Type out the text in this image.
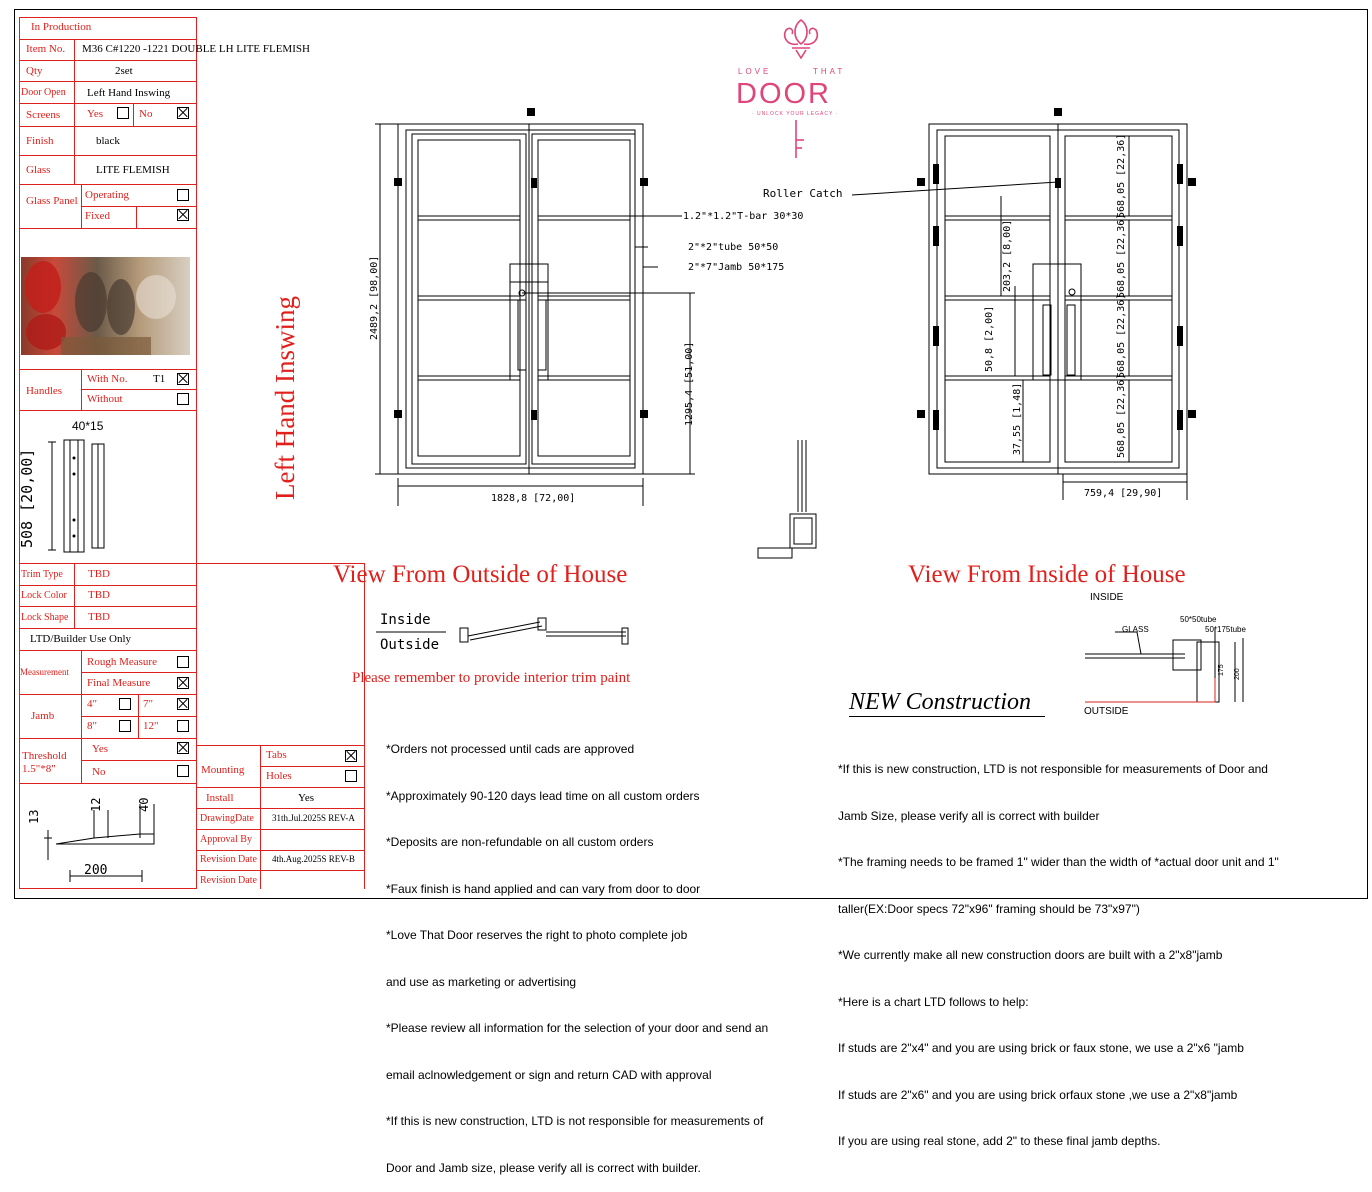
In Production
Item No. M36 C#1220 -1221 DOUBLE LH LITE FLEMISH
Qty	2set
Door Open Left Hand Inswing
Screens Yes	No
Finish	black
Glass	LITE FLEMISH
Glass Panel Operating
Fixed
Handles
With No. T1
Without
40*15
508 [20,00]
Trim Type TBD
Lock Color TBD
Lock Shape TBD
LTD/Builder Use Only
Measurement
Rough Measure
Final Measure
Jamb
4"	7"
8"	12"
Threshold 1.5"*8"
Yes
No
13
12	40
200
Mounting
Tabs
Holes
Install	Yes
DrawingDate 31th.Jul.2025S REV-A
Approval By
Revision Date 4th.Aug.2025S REV-B
Revision Date
LOVE	THAT
DOOR
· UNLOCK YOUR LEGACY ·
Left Hand Inswing	2489,2 [98,00]
1828,8 [72,00]
1295,4 [51,00]
1.2"*1.2"T-bar 30*30
2"*2"tube 50*50
2"*7"Jamb 50*175
Roller Catch	568,05 [22,36]
568,05 [22,36]
568,05 [22,36]
568,05 [22,36]
203,2 [8,00]
50,8 [2,00]
37,55 [1,48]
759,4 [29,90]
View From Outside of House	View From Inside of House
Inside
Outside
Please remember to provide interior trim paint
INSIDE
GLASS
50*50tube
50*175tube
175 200
OUTSIDE
NEW Construction

*Orders not processed until cads are approved

*Approximately 90-120 days lead time on all custom orders

*Deposits are non-refundable on all custom orders

*Faux finish is hand applied and can vary from door to door

*Love That Door reserves the right to photo complete job

and use as marketing or advertising

*Please review all information for the selection of your door and send an

email aclnowledgement or sign and return CAD with approval

*If this is new construction, LTD is not responsible for measurements of

Door and Jamb size, please verify all is correct with builder.

*If this is new construction, LTD is not responsible for measurements of Door and

Jamb Size, please verify all is correct with builder

*The framing needs to be framed 1" wider than the width of *actual door unit and 1"

taller(EX:Door specs 72"x96" framing should be 73"x97")

*We currently make all new construction doors are built with a 2"x8"jamb

*Here is a chart LTD follows to help:

If studs are 2"x4" and you are using brick or faux stone, we use a 2"x6 "jamb

If studs are 2"x6" and you are using brick orfaux stone ,we use a 2"x8"jamb

If you are using real stone, add 2" to these final jamb depths.
